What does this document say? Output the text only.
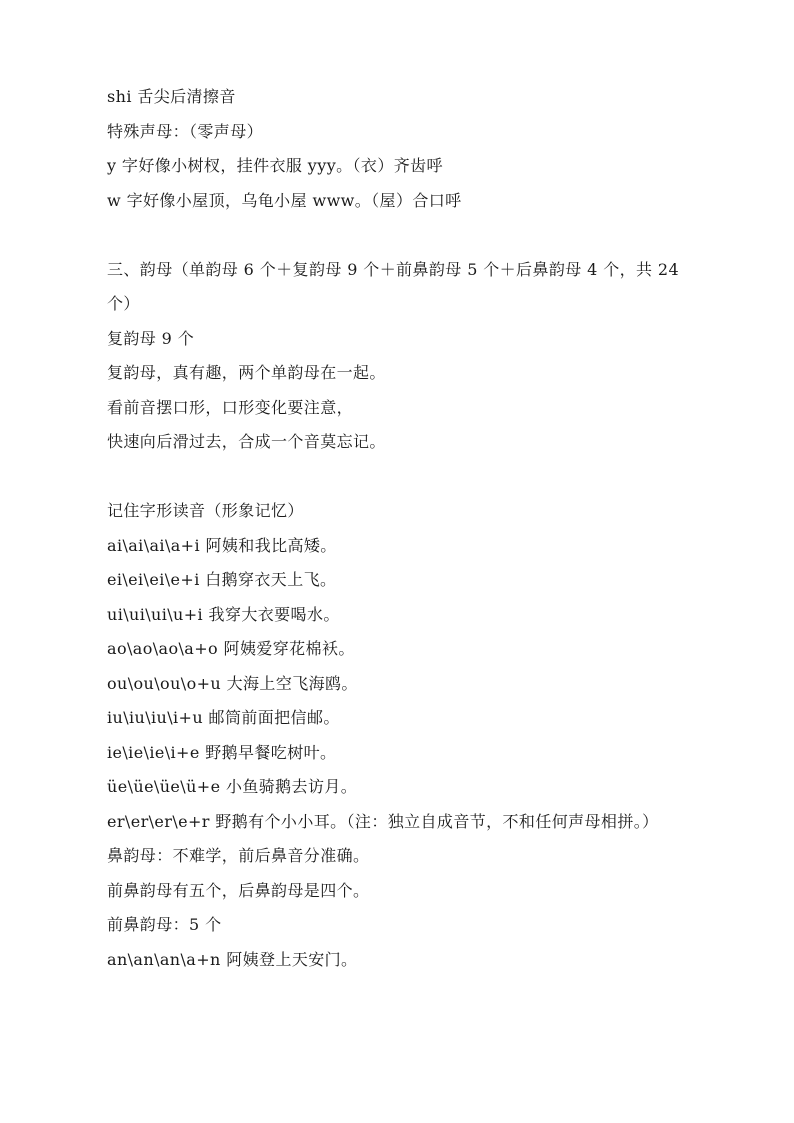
shi 舌尖后清擦音
特殊声母：（零声母）
y 字好像小树杈，挂件衣服 yyy。（衣）齐齿呼
w 字好像小屋顶，乌龟小屋 www。（屋）合口呼
三、韵母（单韵母 6 个＋复韵母 9 个＋前鼻韵母 5 个＋后鼻韵母 4 个，共 24 个）
复韵母 9 个
复韵母，真有趣，两个单韵母在一起。
看前音摆口形，口形变化要注意，
快速向后滑过去，合成一个音莫忘记。
记住字形读音（形象记忆）
ai\ai\ai\a+i 阿姨和我比高矮。
ei\ei\ei\e+i 白鹅穿衣天上飞。
ui\ui\ui\u+i 我穿大衣要喝水。
ao\ao\ao\a+o 阿姨爱穿花棉袄。
ou\ou\ou\o+u 大海上空飞海鸥。
iu\iu\iu\i+u 邮筒前面把信邮。
ie\ie\ie\i+e 野鹅早餐吃树叶。
üe\üe\üe\ü+e 小鱼骑鹅去访月。
er\er\er\e+r 野鹅有个小小耳。（注：独立自成音节，不和任何声母相拼。）
鼻韵母：不难学，前后鼻音分准确。
前鼻韵母有五个，后鼻韵母是四个。
前鼻韵母：5 个
an\an\an\a+n 阿姨登上天安门。
